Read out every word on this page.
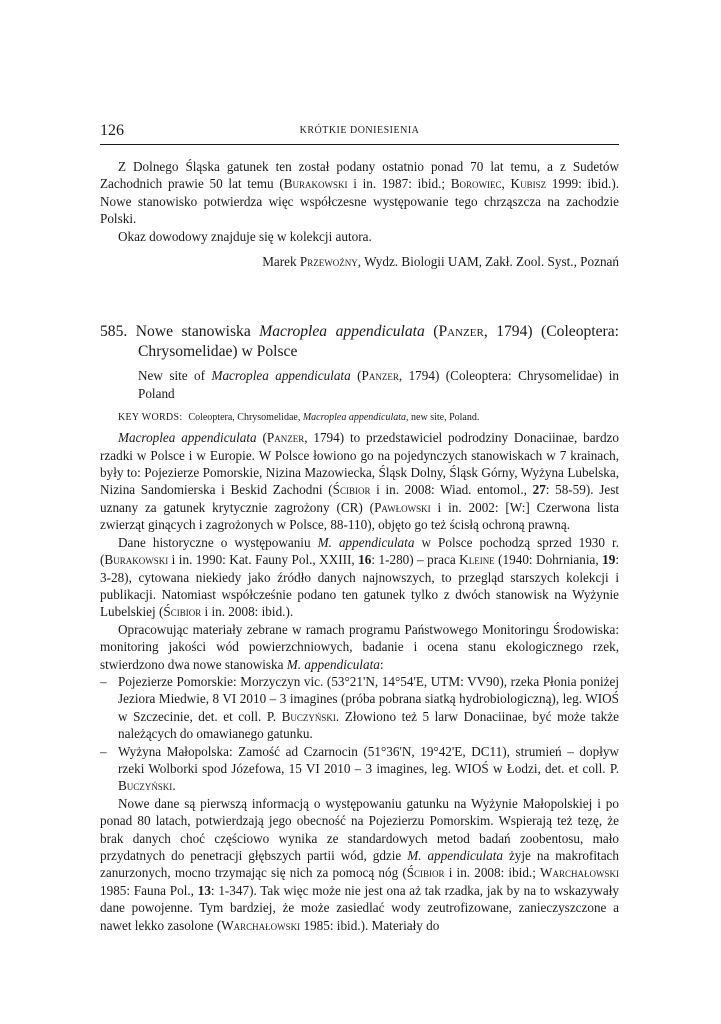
126	KRÓTKIE DONIESIENIA

Z Dolnego Śląska gatunek ten został podany ostatnio ponad 70 lat temu, a z Sudetów Zachodnich prawie 50 lat temu (Burakowski i in. 1987: ibid.; Borowiec, Kubisz 1999: ibid.). Nowe stanowisko potwierdza więc współczesne występowanie tego chrząszcza na zachodzie Polski.

Okaz dowodowy znajduje się w kolekcji autora.

Marek Przewoźny, Wydz. Biologii UAM, Zakł. Zool. Syst., Poznań
585. Nowe stanowiska Macroplea appendiculata (Panzer, 1794) (Coleoptera: Chrysomelidae) w Polsce
New site of Macroplea appendiculata (Panzer, 1794) (Coleoptera: Chrysomelidae) in Poland
KEY WORDS: Coleoptera, Chrysomelidae, Macroplea appendiculata, new site, Poland.

Macroplea appendiculata (Panzer, 1794) to przedstawiciel podrodziny Donaciinae, bardzo rzadki w Polsce i w Europie. W Polsce łowiono go na pojedynczych stanowiskach w 7 krainach, były to: Pojezierze Pomorskie, Nizina Mazowiecka, Śląsk Dolny, Śląsk Górny, Wyżyna Lubelska, Nizina Sandomierska i Beskid Zachodni (Ścibior i in. 2008: Wiad. entomol., 27: 58-59). Jest uznany za gatunek krytycznie zagrożony (CR) (Pawłowski i in. 2002: [W:] Czerwona lista zwierząt ginących i zagrożonych w Polsce, 88-110), objęto go też ścisłą ochroną prawną.

Dane historyczne o występowaniu M. appendiculata w Polsce pochodzą sprzed 1930 r. (Burakowski i in. 1990: Kat. Fauny Pol., XXIII, 16: 1-280) – praca Kleine (1940: Dohrniania, 19: 3-28), cytowana niekiedy jako źródło danych najnowszych, to przegląd starszych kolekcji i publikacji. Natomiast współcześnie podano ten gatunek tylko z dwóch stanowisk na Wyżynie Lubelskiej (Ścibior i in. 2008: ibid.).

Opracowując materiały zebrane w ramach programu Państwowego Monitoringu Środowiska: monitoring jakości wód powierzchniowych, badanie i ocena stanu ekologicznego rzek, stwierdzono dwa nowe stanowiska M. appendiculata:

– Pojezierze Pomorskie: Morzyczyn vic. (53°21'N, 14°54'E, UTM: VV90), rzeka Płonia poniżej Jeziora Miedwie, 8 VI 2010 – 3 imagines (próba pobrana siatką hydrobiologiczną), leg. WIOŚ w Szczecinie, det. et coll. P. Buczyński. Złowiono też 5 larw Donaciinae, być może także należących do omawianego gatunku.
– Wyżyna Małopolska: Zamość ad Czarnocin (51°36'N, 19°42'E, DC11), strumień – dopływ rzeki Wolborki spod Józefowa, 15 VI 2010 – 3 imagines, leg. WIOŚ w Łodzi, det. et coll. P. Buczyński.

Nowe dane są pierwszą informacją o występowaniu gatunku na Wyżynie Małopolskiej i po ponad 80 latach, potwierdzają jego obecność na Pojezierzu Pomorskim. Wspierają też tezę, że brak danych choć częściowo wynika ze standardowych metod badań zoobentosu, mało przydatnych do penetracji głębszych partii wód, gdzie M. appendiculata żyje na makrofitach zanurzonych, mocno trzymając się nich za pomocą nóg (Ścibior i in. 2008: ibid.; Warchałowski 1985: Fauna Pol., 13: 1-347). Tak więc może nie jest ona aż tak rzadka, jak by na to wskazywały dane powojenne. Tym bardziej, że może zasiedlać wody zeutrofizowane, zanieczyszczone a nawet lekko zasolone (Warchałowski 1985: ibid.). Materiały do
